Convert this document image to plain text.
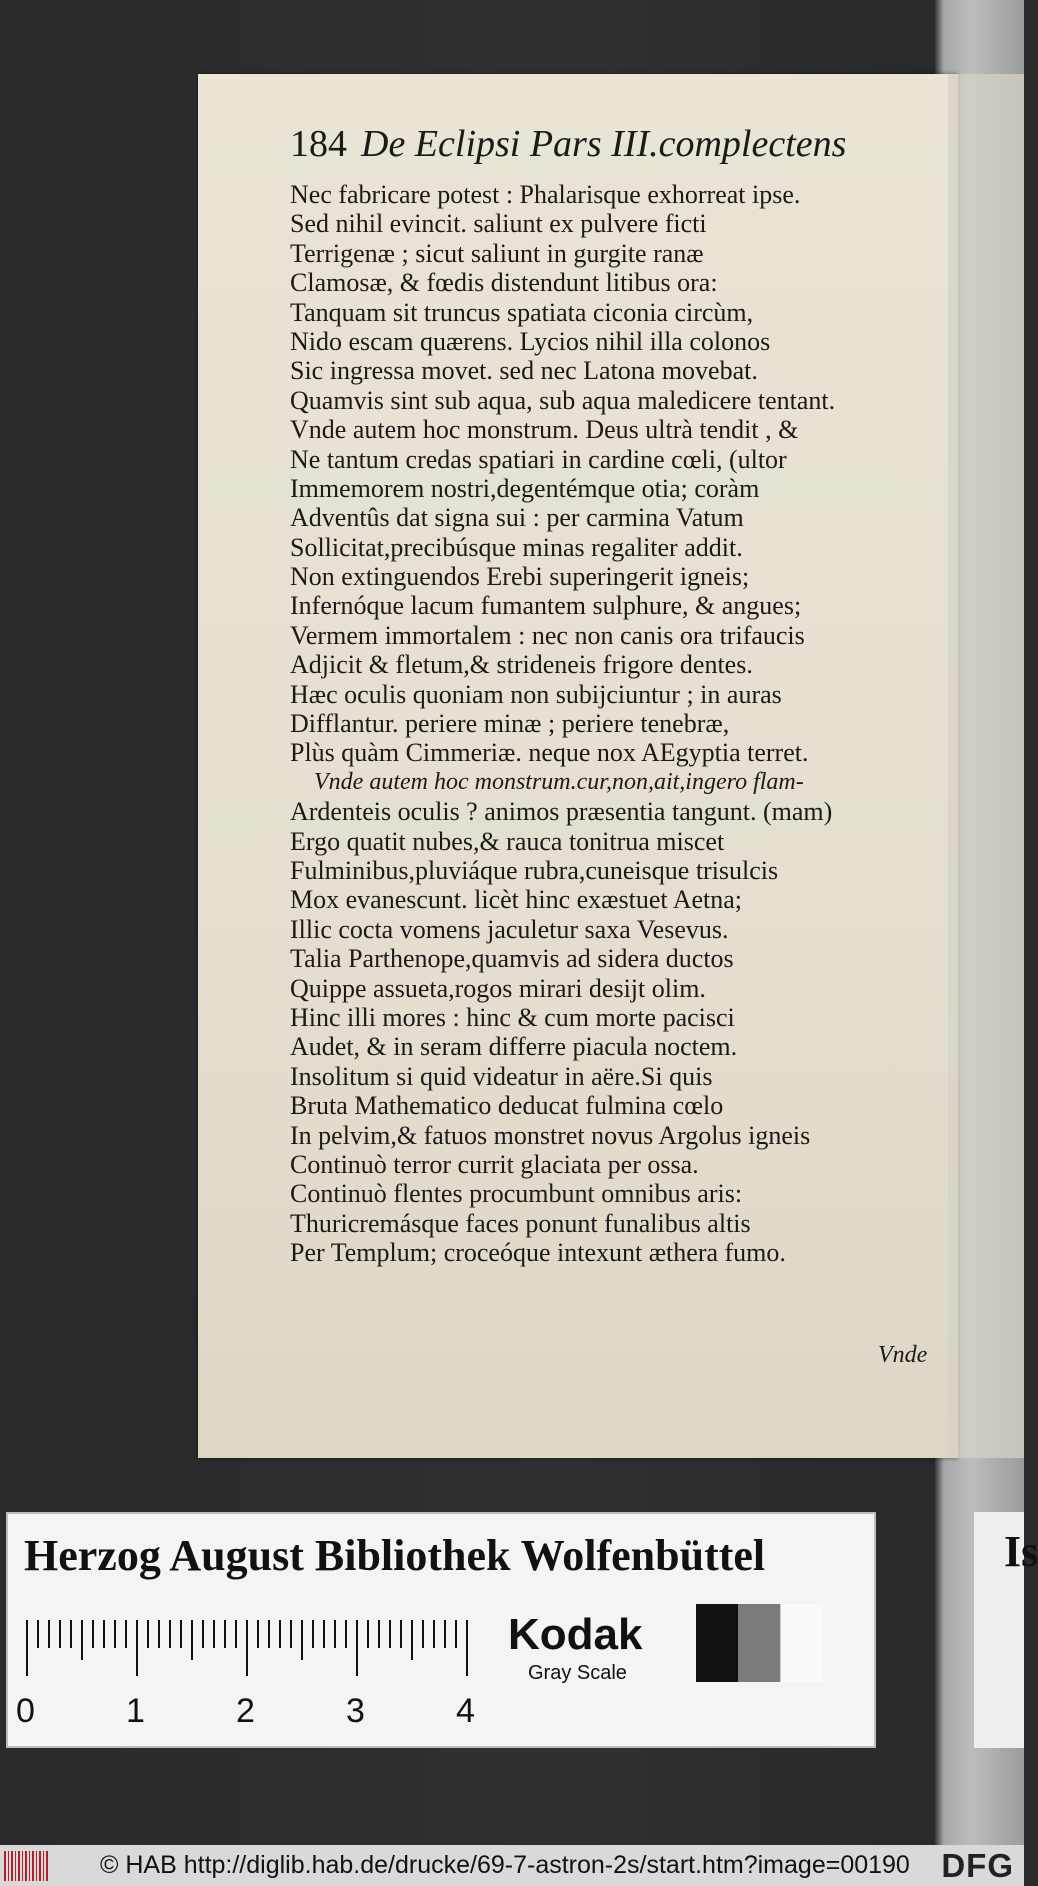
184 De Eclipsi Pars III.complectens
Nec fabricare potest : Phalarisque exhorreat ipse.
Sed nihil evincit. saliunt ex pulvere ficti
Terrigenæ ; sicut saliunt in gurgite ranæ
Clamosæ, & fœdis distendunt litibus ora:
Tanquam sit truncus spatiata ciconia circùm,
Nido escam quærens. Lycios nihil illa colonos
Sic ingressa movet. sed nec Latona movebat.
Quamvis sint sub aqua, sub aqua maledicere tentant.
Vnde autem hoc monstrum. Deus ultrà tendit , &
Ne tantum credas spatiari in cardine cœli, (ultor
Immemorem nostri,degentémque otia; coràm
Adventûs dat signa sui : per carmina Vatum
Sollicitat,precibúsque minas regaliter addit.
Non extinguendos Erebi superingerit igneis;
Infernóque lacum fumantem sulphure, & angues;
Vermem immortalem : nec non canis ora trifaucis
Adjicit & fletum,& strideneis frigore dentes.
Hæc oculis quoniam non subijciuntur ; in auras
Difflantur. periere minæ ; periere tenebræ,
Plùs quàm Cimmeriæ. neque nox AEgyptia terret.
Vnde autem hoc monstrum.cur,non,ait,ingero flam-
Ardenteis oculis ? animos præsentia tangunt. (mam)
Ergo quatit nubes,& rauca tonitrua miscet
Fulminibus,pluviáque rubra,cuneisque trisulcis
Mox evanescunt. licèt hinc exæstuet Aetna;
Illic cocta vomens jaculetur saxa Vesevus.
Talia Parthenope,quamvis ad sidera ductos
Quippe assueta,rogos mirari desijt olim.
Hinc illi mores : hinc & cum morte pacisci
Audet, & in seram differre piacula noctem.
Insolitum si quid videatur in aëre.Si quis
Bruta Mathematico deducat fulmina cœlo
In pelvim,& fatuos monstret novus Argolus igneis
Continuò terror currit glaciata per ossa.
Continuò flentes procumbunt omnibus aris:
Thuricremásque faces ponunt funalibus altis
Per Templum; croceóque intexunt æthera fumo.
Vnde
Herzog August Bibliothek Wolfenbüttel
0	1	2	3	4
Kodak
Gray Scale
Is
© HAB http://diglib.hab.de/drucke/69-7-astron-2s/start.htm?image=00190 DFG
